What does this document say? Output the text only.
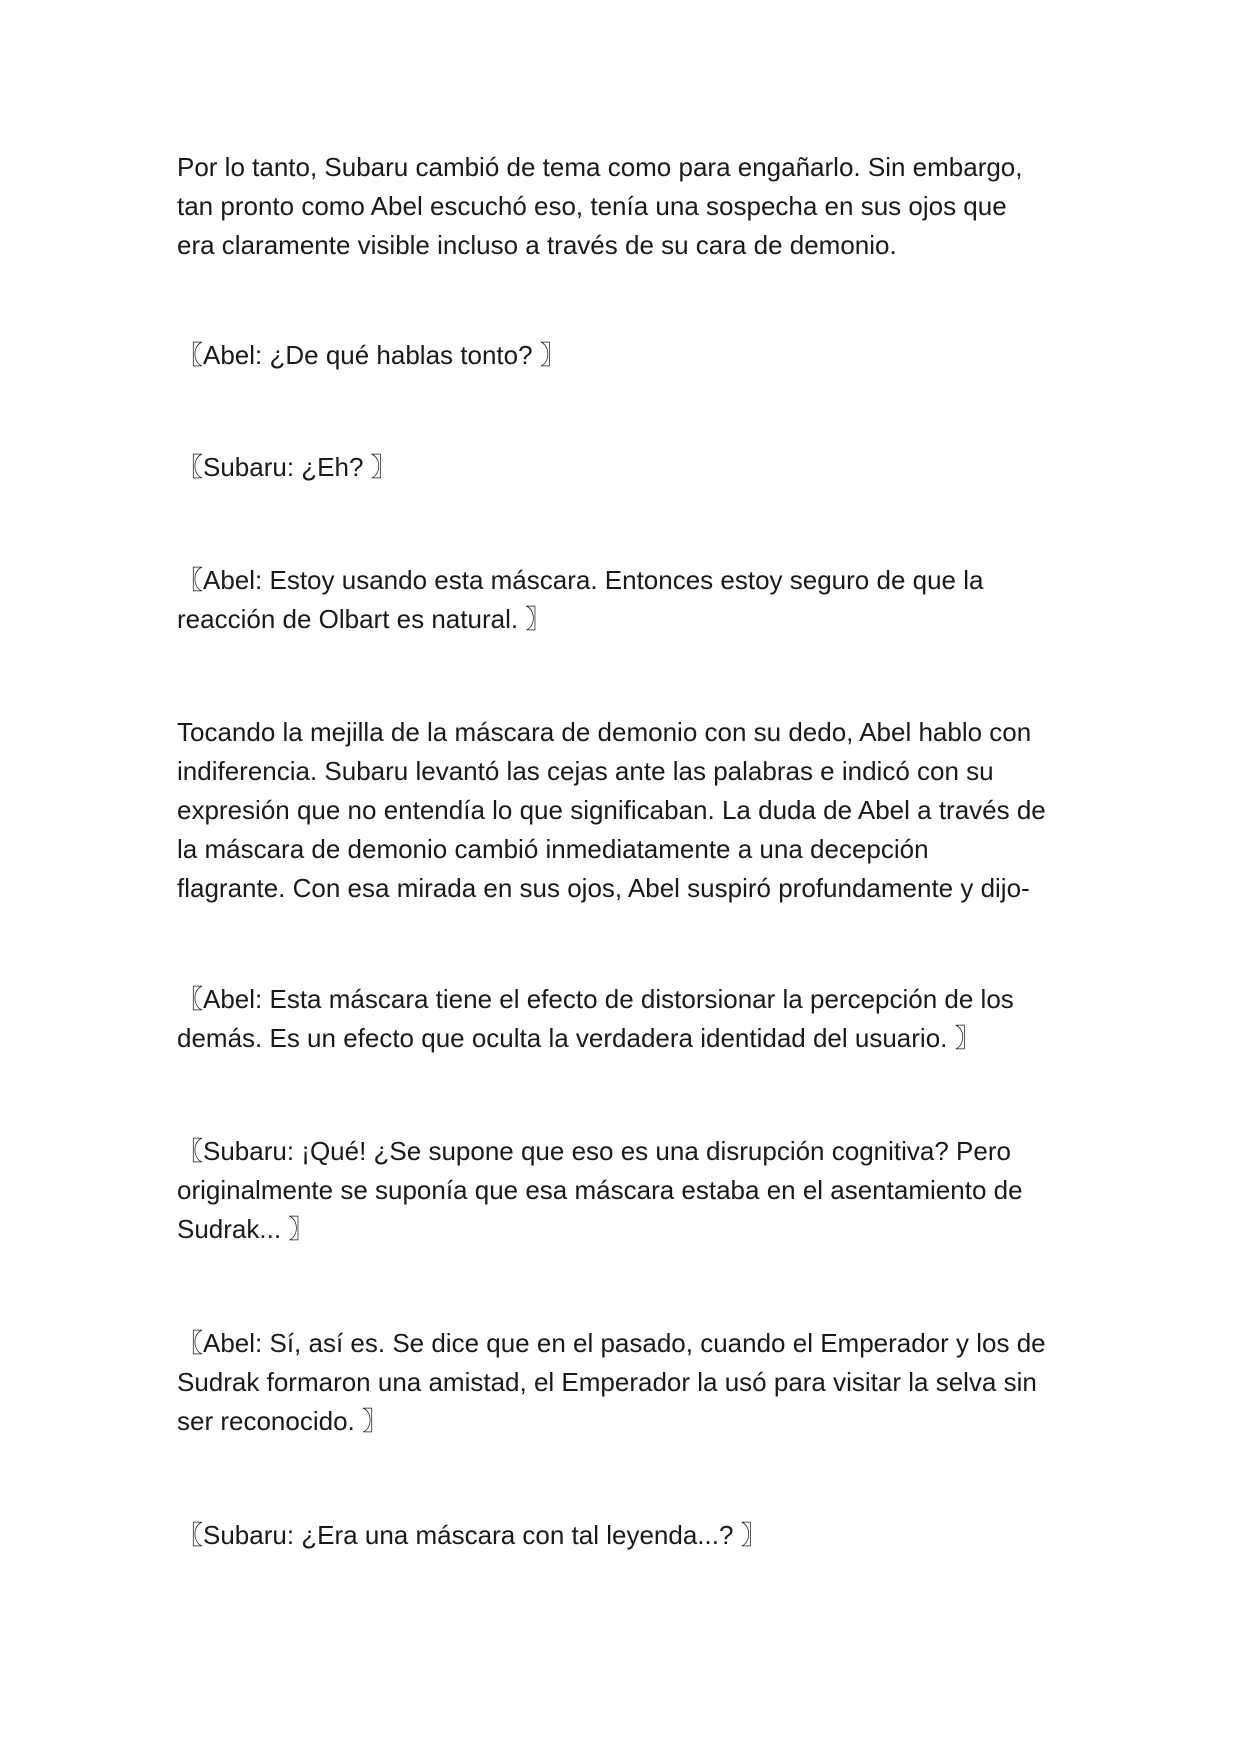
Por lo tanto, Subaru cambió de tema como para engañarlo. Sin embargo,
tan pronto como Abel escuchó eso, tenía una sospecha en sus ojos que
era claramente visible incluso a través de su cara de demonio.

〖Abel: ¿De qué hablas tonto? 〗

〖Subaru: ¿Eh? 〗

〖Abel: Estoy usando esta máscara. Entonces estoy seguro de que la
reacción de Olbart es natural. 〗

Tocando la mejilla de la máscara de demonio con su dedo, Abel hablo con
indiferencia. Subaru levantó las cejas ante las palabras e indicó con su
expresión que no entendía lo que significaban. La duda de Abel a través de
la máscara de demonio cambió inmediatamente a una decepción
flagrante. Con esa mirada en sus ojos, Abel suspiró profundamente y dijo-

〖Abel: Esta máscara tiene el efecto de distorsionar la percepción de los
demás. Es un efecto que oculta la verdadera identidad del usuario. 〗

〖Subaru: ¡Qué! ¿Se supone que eso es una disrupción cognitiva? Pero
originalmente se suponía que esa máscara estaba en el asentamiento de
Sudrak... 〗

〖Abel: Sí, así es. Se dice que en el pasado, cuando el Emperador y los de
Sudrak formaron una amistad, el Emperador la usó para visitar la selva sin
ser reconocido. 〗

〖Subaru: ¿Era una máscara con tal leyenda...? 〗
